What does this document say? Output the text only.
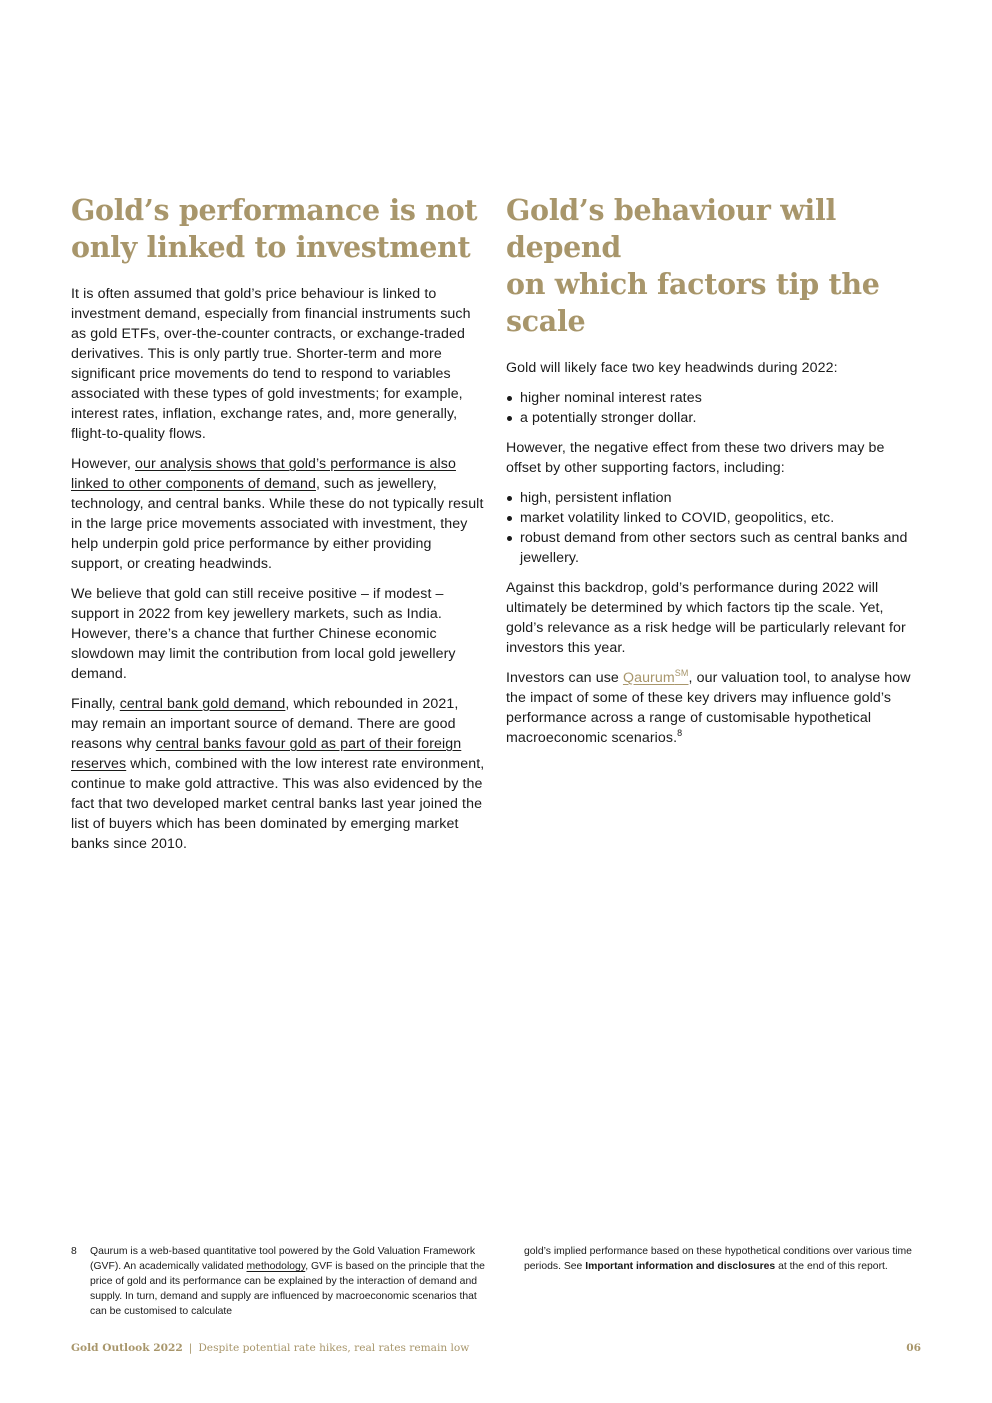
Gold’s performance is not
only linked to investment

It is often assumed that gold’s price behaviour is linked to investment demand, especially from financial instruments such as gold ETFs, over-the-counter contracts, or exchange-traded derivatives. This is only partly true. Shorter-term and more significant price movements do tend to respond to variables associated with these types of gold investments; for example, interest rates, inflation, exchange rates, and, more generally, flight-to-quality flows.

However, our analysis shows that gold’s performance is also linked to other components of demand, such as jewellery, technology, and central banks. While these do not typically result in the large price movements associated with investment, they help underpin gold price performance by either providing support, or creating headwinds.

We believe that gold can still receive positive – if modest – support in 2022 from key jewellery markets, such as India. However, there’s a chance that further Chinese economic slowdown may limit the contribution from local gold jewellery demand.

Finally, central bank gold demand, which rebounded in 2021, may remain an important source of demand. There are good reasons why central banks favour gold as part of their foreign reserves which, combined with the low interest rate environment, continue to make gold attractive. This was also evidenced by the fact that two developed market central banks last year joined the list of buyers which has been dominated by emerging market banks since 2010.

Gold’s behaviour will depend
on which factors tip the scale

Gold will likely face two key headwinds during 2022:

higher nominal interest rates
a potentially stronger dollar.

However, the negative effect from these two drivers may be offset by other supporting factors, including:

high, persistent inflation
market volatility linked to COVID, geopolitics, etc.
robust demand from other sectors such as central banks and jewellery.

Against this backdrop, gold’s performance during 2022 will ultimately be determined by which factors tip the scale. Yet, gold’s relevance as a risk hedge will be particularly relevant for investors this year.

Investors can use Qaurum℠, our valuation tool, to analyse how the impact of some of these key drivers may influence gold’s performance across a range of customisable hypothetical macroeconomic scenarios.$^8$

8	Qaurum is a web-based quantitative tool powered by the Gold Valuation Framework (GVF). An academically validated methodology, GVF is based on the principle that the price of gold and its performance can be explained by the interaction of demand and supply. In turn, demand and supply are influenced by macroeconomic scenarios that can be customised to calculate
gold’s implied performance based on these hypothetical conditions over various time periods. See Important information and disclosures at the end of this report.
Gold Outlook 2022 | Despite potential rate hikes, real rates remain low	06
